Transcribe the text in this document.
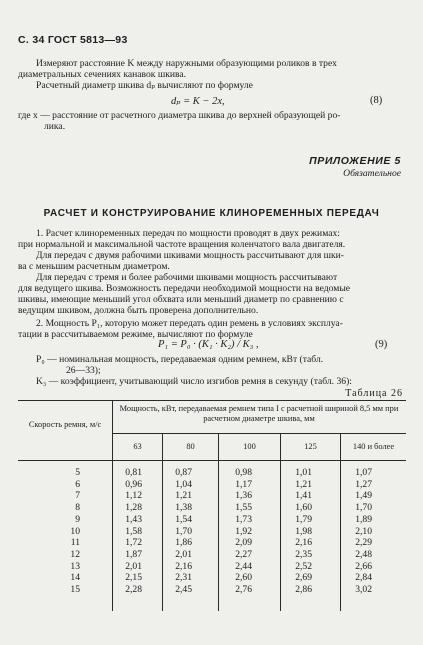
С. 34 ГОСТ 5813—93
Измеряют расстояние K между наружными образующими роликов в трех
диаметральных сечениях канавок шкива.
Расчетный диаметр шкива dₚ вычисляют по формуле
dₚ = K − 2x,	(8)
где x — расстояние от расчетного диаметра шкива до верхней образующей ро-
лика.
ПРИЛОЖЕНИЕ 5
Обязательное
РАСЧЕТ И КОНСТРУИРОВАНИЕ КЛИНОРЕМЕННЫХ ПЕРЕДАЧ
1. Расчет клиноременных передач по мощности проводят в двух режимах:
при нормальной и максимальной частоте вращения коленчатого вала двигателя.
Для передач с двумя рабочими шкивами мощность рассчитывают для шки-
ва с меньшим расчетным диаметром.
Для передач с тремя и более рабочими шкивами мощность рассчитывают
для ведущего шкива. Возможность передачи необходимой мощности на ведомые
шкивы, имеющие меньший угол обхвата или меньший диаметр по сравнению с
ведущим шкивом, должна быть проверена дополнительно.
2. Мощность P₁, которую может передать один ремень в условиях эксплуа-
тации в рассчитываемом режиме, вычисляют по формуле
P₁ = P₀ · (K₁ · K₂) / K₃ ,	(9)
P₀ — номинальная мощность, передаваемая одним ремнем, кВт (табл.
26—33);
K₃ — коэффициент, учитывающий число изгибов ремня в секунду (табл. 36):
Таблица 26
Скорость ремня, м/с
Мощность, кВт, передаваемая ремнем типа I с расчетной шириной 8,5 мм при расчетном диаметре шкива, мм
63	80	100	125	140 и более
5	0,81	0,87	0,98	1,01	1,07
6	0,96	1,04	1,17	1,21	1,27
7	1,12	1,21	1,36	1,41	1,49
8	1,28	1,38	1,55	1,60	1,70
9	1,43	1,54	1,73	1,79	1,89
10	1,58	1,70	1,92	1,98	2,10
11	1,72	1,86	2,09	2,16	2,29
12	1,87	2,01	2,27	2,35	2,48
13	2,01	2,16	2,44	2,52	2,66
14	2,15	2,31	2,60	2,69	2,84
15	2,28	2,45	2,76	2,86	3,02
